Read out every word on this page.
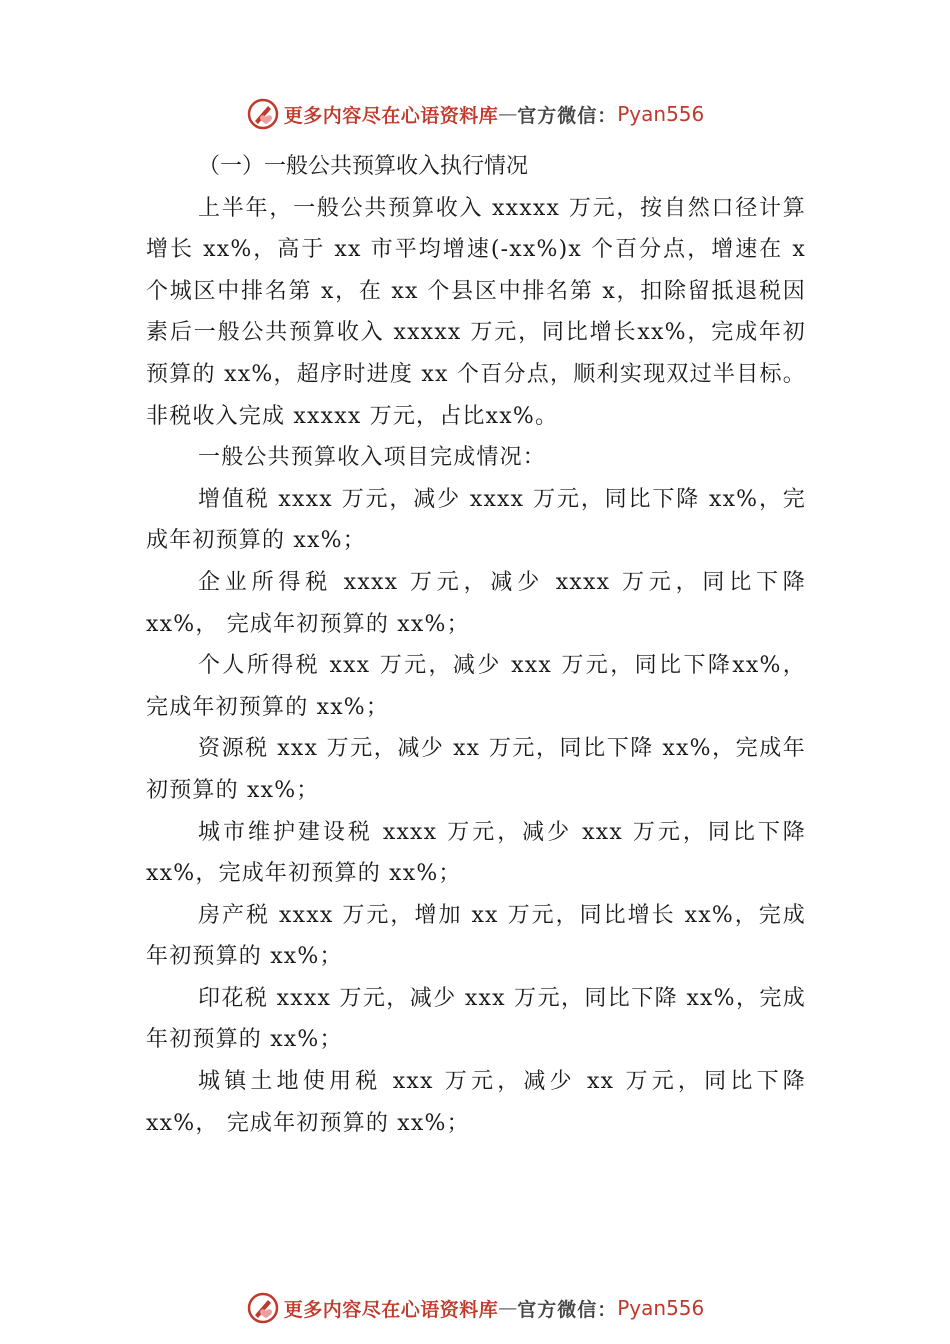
更多内容尽在心语资料库 — 官方微信： Pyan556

（一）一般公共预算收入执行情况

上半年，一般公共预算收入 xxxxx 万元，按自然口径计算增长 xx%，高于 xx 市平均增速(-xx%)x 个百分点，增速在 x 个城区中排名第 x，在 xx 个县区中排名第 x，扣除留抵退税因素后一般公共预算收入 xxxxx 万元，同比增长xx%，完成年初预算的 xx%，超序时进度 xx 个百分点，顺利实现双过半目标。非税收入完成 xxxxx 万元，占比xx%。

一般公共预算收入项目完成情况：

增值税 xxxx 万元，减少 xxxx 万元，同比下降 xx%，完成年初预算的 xx%；

企业所得税 xxxx 万元，减少 xxxx 万元，同比下降xx%， 完成年初预算的 xx%；

个人所得税 xxx 万元，减少 xxx 万元，同比下降xx%， 完成年初预算的 xx%；

资源税 xxx 万元，减少 xx 万元，同比下降 xx%，完成年初预算的 xx%；

城市维护建设税 xxxx 万元，减少 xxx 万元，同比下降xx%，完成年初预算的 xx%；

房产税 xxxx 万元，增加 xx 万元，同比增长 xx%，完成年初预算的 xx%；

印花税 xxxx 万元，减少 xxx 万元，同比下降 xx%，完成年初预算的 xx%；

城镇土地使用税 xxx 万元，减少 xx 万元，同比下降xx%， 完成年初预算的 xx%；

更多内容尽在心语资料库 — 官方微信： Pyan556
